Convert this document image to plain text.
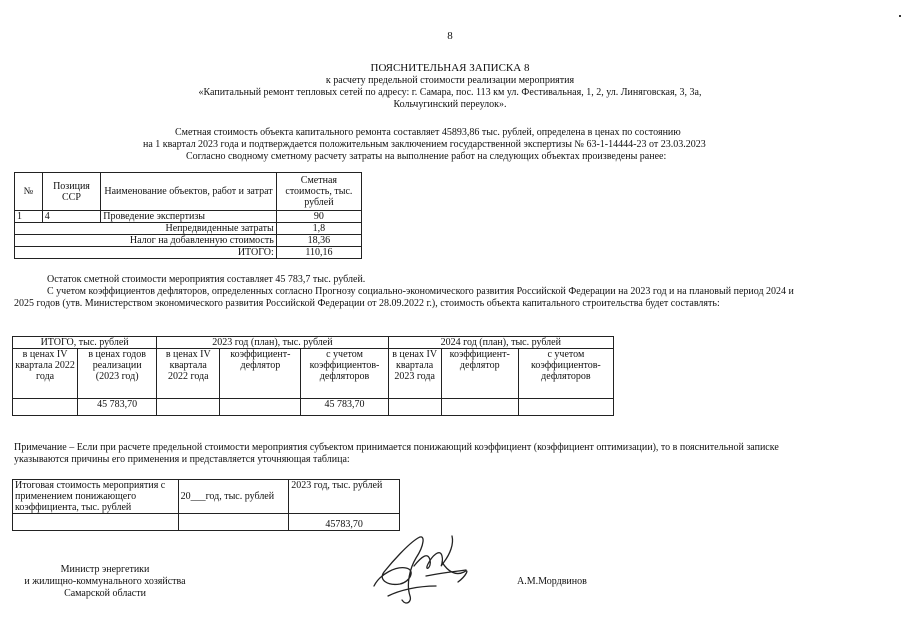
8
ПОЯСНИТЕЛЬНАЯ ЗАПИСКА 8
к расчету предельной стоимости реализации мероприятия
«Капитальный ремонт тепловых сетей по адресу: г. Самара, пос. 113 км ул. Фестивальная, 1, 2, ул. Линяговская, 3, 3а,
Кольчугинский переулок».
Сметная стоимость объекта капитального ремонта составляет 45893,86 тыс. рублей, определена в ценах по состоянию
на 1 квартал 2023 года и подтверждается положительным заключением государственной экспертизы № 63-1-14444-23 от 23.03.2023
Согласно сводному сметному расчету затраты на выполнение работ на следующих объектах произведены ранее:
№	Позиция ССР	Наименование объектов, работ и затрат	Сметная стоимость, тыс. рублей
1	4	Проведение экспертизы	90
Непредвиденные затраты			1,8
Налог на добавленную стоимость			18,36
ИТОГО:			110,16
Остаток сметной стоимости мероприятия составляет 45 783,7 тыс. рублей.
С учетом коэффициентов дефляторов, определенных согласно Прогнозу социально-экономического развития Российской Федерации на 2023 год и на плановый период 2024 и
2025 годов (утв. Министерством экономического развития Российской Федерации от 28.09.2022 г.), стоимость объекта капитального строительства будет составлять:
ИТОГО, тыс. рублей		2023 год (план), тыс. рублей			2024 год (план), тыс. рублей		
в ценах IV квартала 2022 года	в ценах годов реализации (2023 год)	в ценах IV квартала 2022 года	коэффициент-дефлятор	с учетом коэффициентов-дефляторов	в ценах IV квартала 2023 года	коэффициент-дефлятор	с учетом коэффициентов-дефляторов
	45 783,70			45 783,70			
Примечание – Если при расчете предельной стоимости мероприятия субъектом принимается понижающий коэффициент (коэффициент оптимизации), то в пояснительной записке
указываются причины его применения и представляется уточняющая таблица:
Итоговая стоимость мероприятия с применением понижающего коэффициента, тыс. рублей	20___год, тыс. рублей	2023 год, тыс. рублей
		45783,70
Министр энергетики
и жилищно-коммунального хозяйства
Самарской области
А.М.Мордвинов
